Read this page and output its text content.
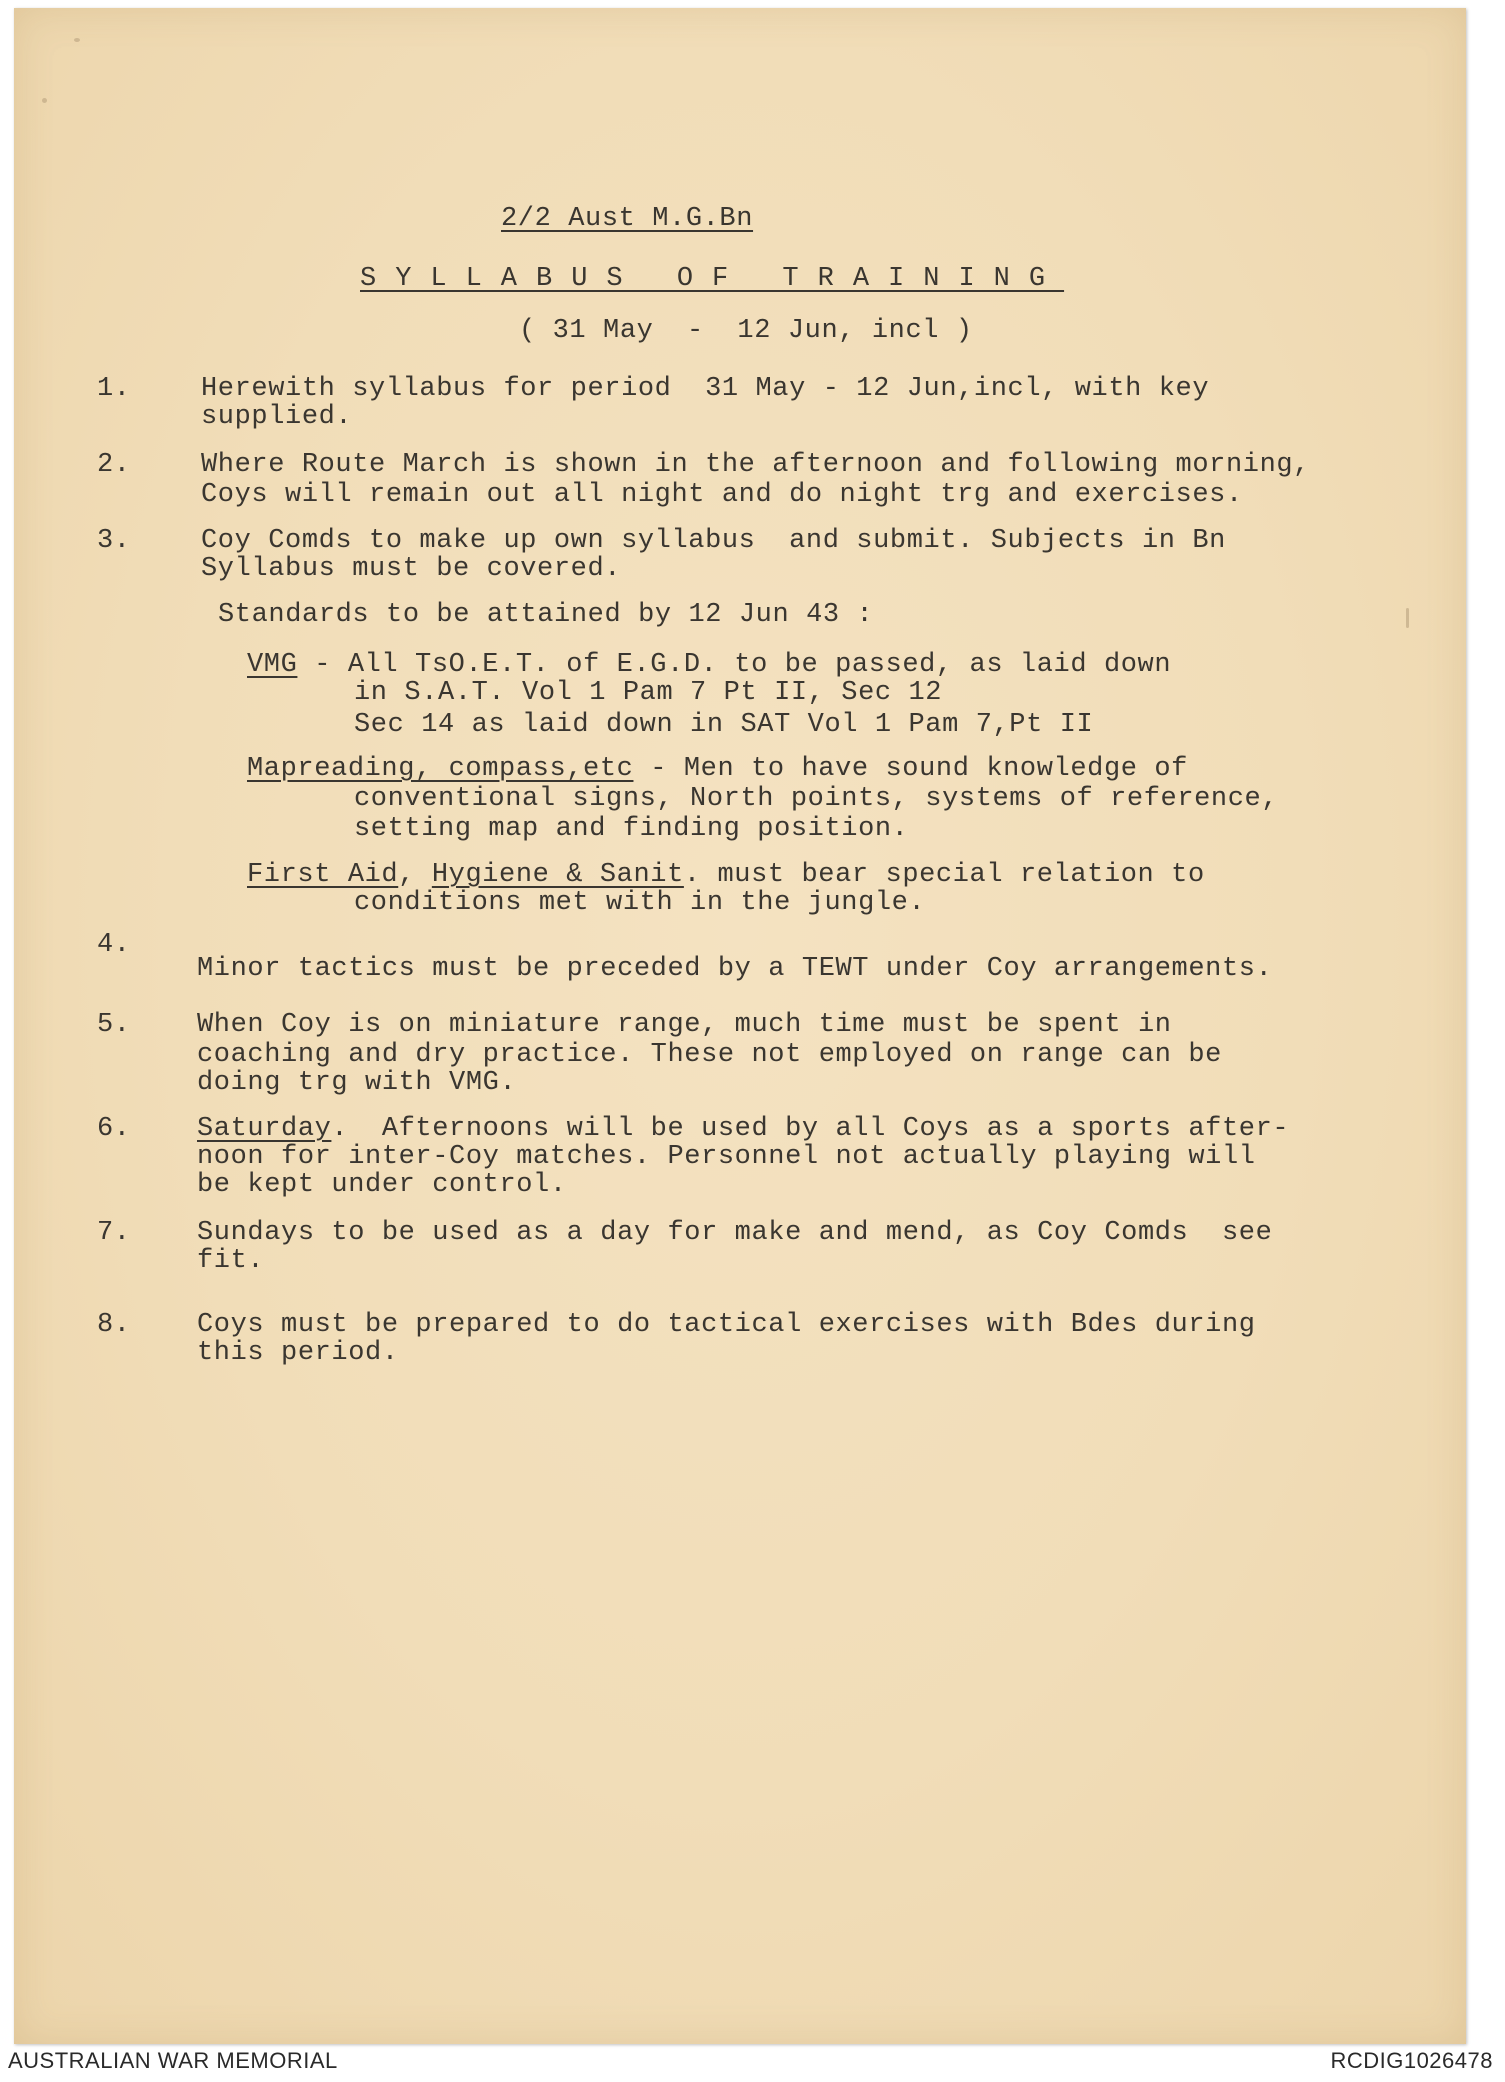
2/2 Aust M.G.Bn
SYLLABUS OF TRAINING
( 31 May  -  12 Jun, incl )
1.	Herewith syllabus for period  31 May - 12 Jun,incl, with key
supplied.
2.	Where Route March is shown in the afternoon and following morning,
Coys will remain out all night and do night trg and exercises.
3.	Coy Comds to make up own syllabus  and submit. Subjects in Bn
Syllabus must be covered.
Standards to be attained by 12 Jun 43 :
VMG - All TsO.E.T. of E.G.D. to be passed, as laid down
in S.A.T. Vol 1 Pam 7 Pt II, Sec 12
Sec 14 as laid down in SAT Vol 1 Pam 7,Pt II
Mapreading, compass,etc - Men to have sound knowledge of
conventional signs, North points, systems of reference,
setting map and finding position.
First Aid, Hygiene & Sanit. must bear special relation to
conditions met with in the jungle.
4.
Minor tactics must be preceded by a TEWT under Coy arrangements.
5. When Coy is on miniature range, much time must be spent in
coaching and dry practice. These not employed on range can be
doing trg with VMG.
6. Saturday.  Afternoons will be used by all Coys as a sports after-
noon for inter-Coy matches. Personnel not actually playing will
be kept under control.
7. Sundays to be used as a day for make and mend, as Coy Comds  see
fit.
8. Coys must be prepared to do tactical exercises with Bdes during
this period.
AUSTRALIAN WAR MEMORIAL	RCDIG1026478
